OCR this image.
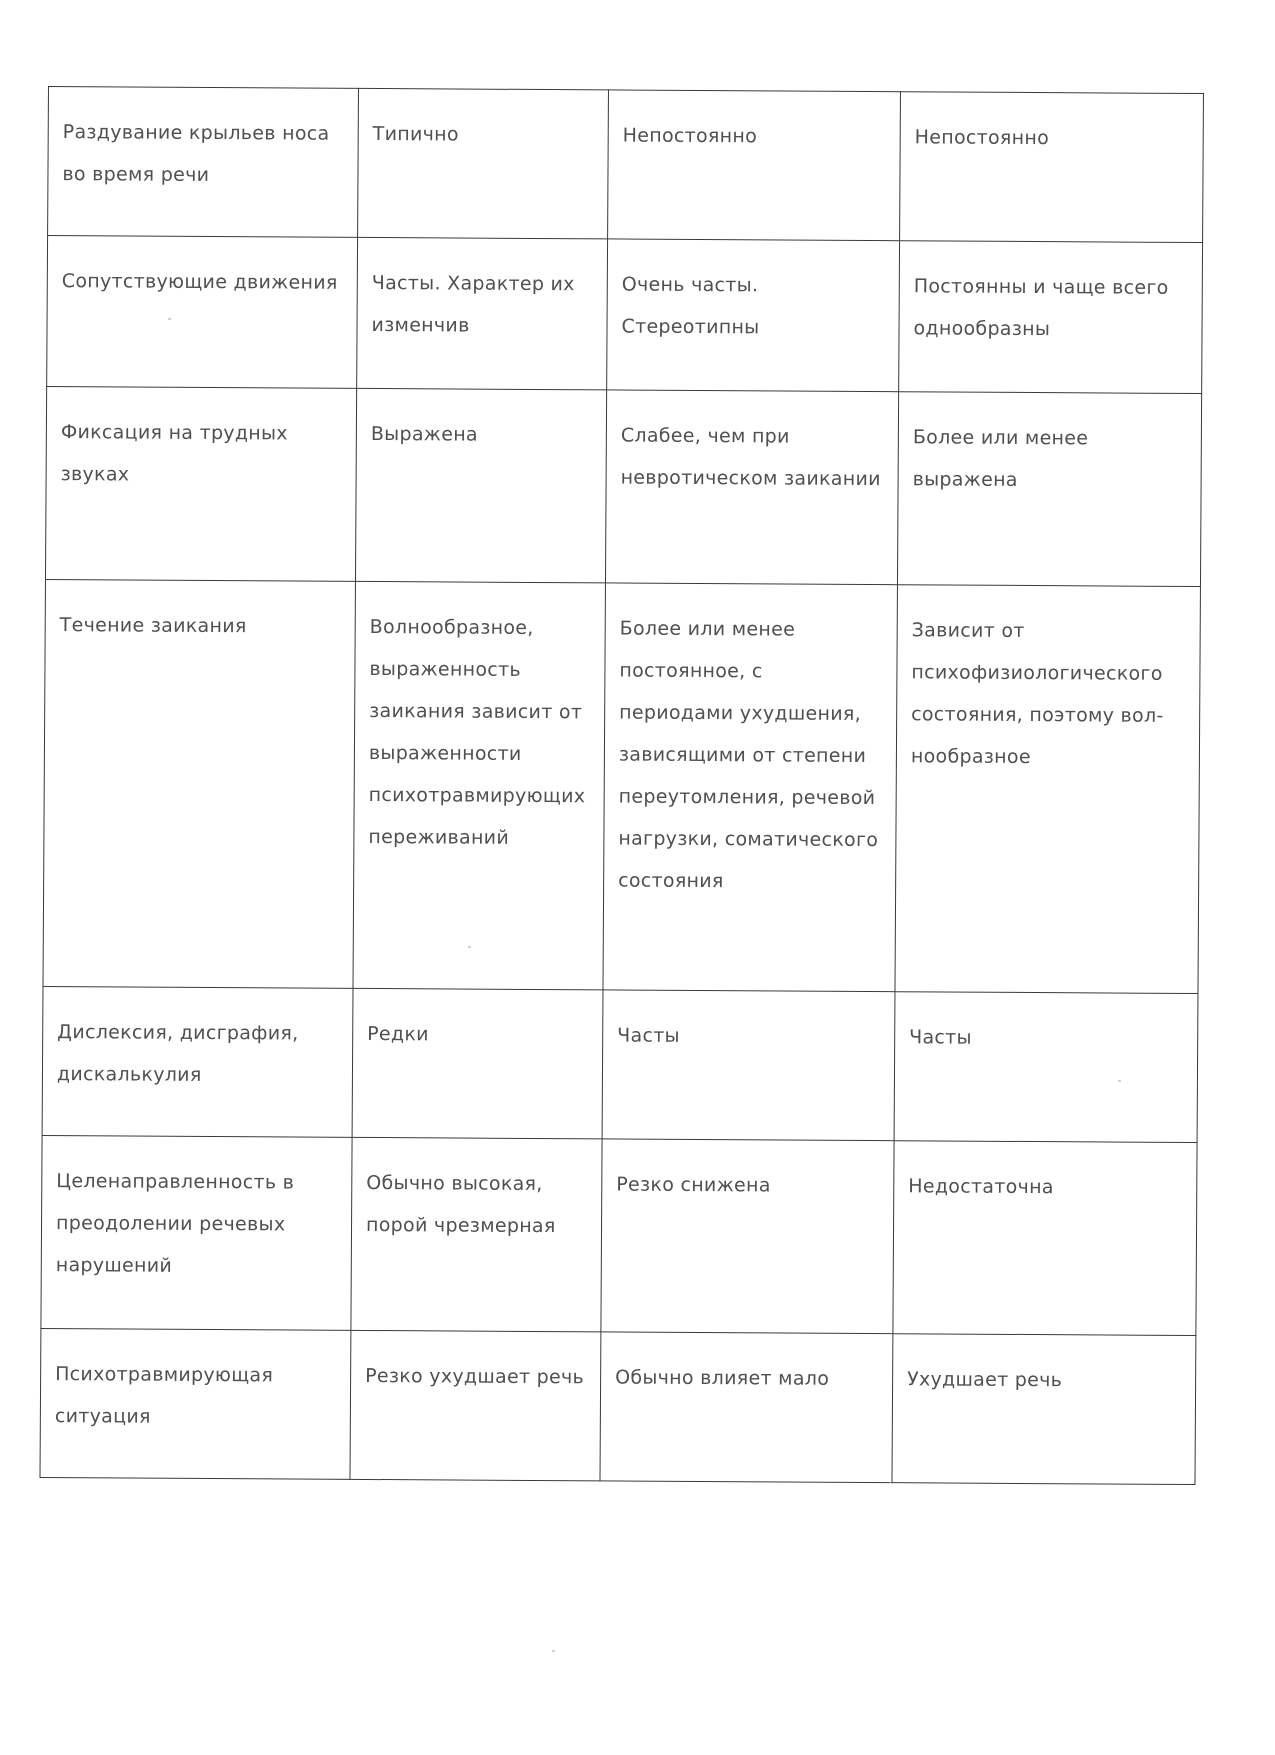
Раздувание крыльев носа во время речи	Типично	Непостоянно	Непостоянно
Сопутствующие движения	Часты. Характер их изменчив	Очень часты. Стереотипны	Постоянны и чаще всего однообразны
Фиксация на трудных звуках	Выражена	Слабее, чем при невротическом заикании	Более или менее выражена
Течение заикания	Волнообразное, выраженность заикания зависит от выраженности психотравмирующих переживаний	Более или менее постоянное, с периодами ухудшения, зависящими от степени переутомления, речевой нагрузки, соматического состояния	Зависит от психофизиологического состояния, поэтому вол-нообразное
Дислексия, дисграфия, дискалькулия	Редки	Часты	Часты
Целенаправленность в преодолении речевых нарушений	Обычно высокая, порой чрезмерная	Резко снижена	Недостаточна
Психотравмирующая ситуация	Резко ухудшает речь	Обычно влияет мало	Ухудшает речь
